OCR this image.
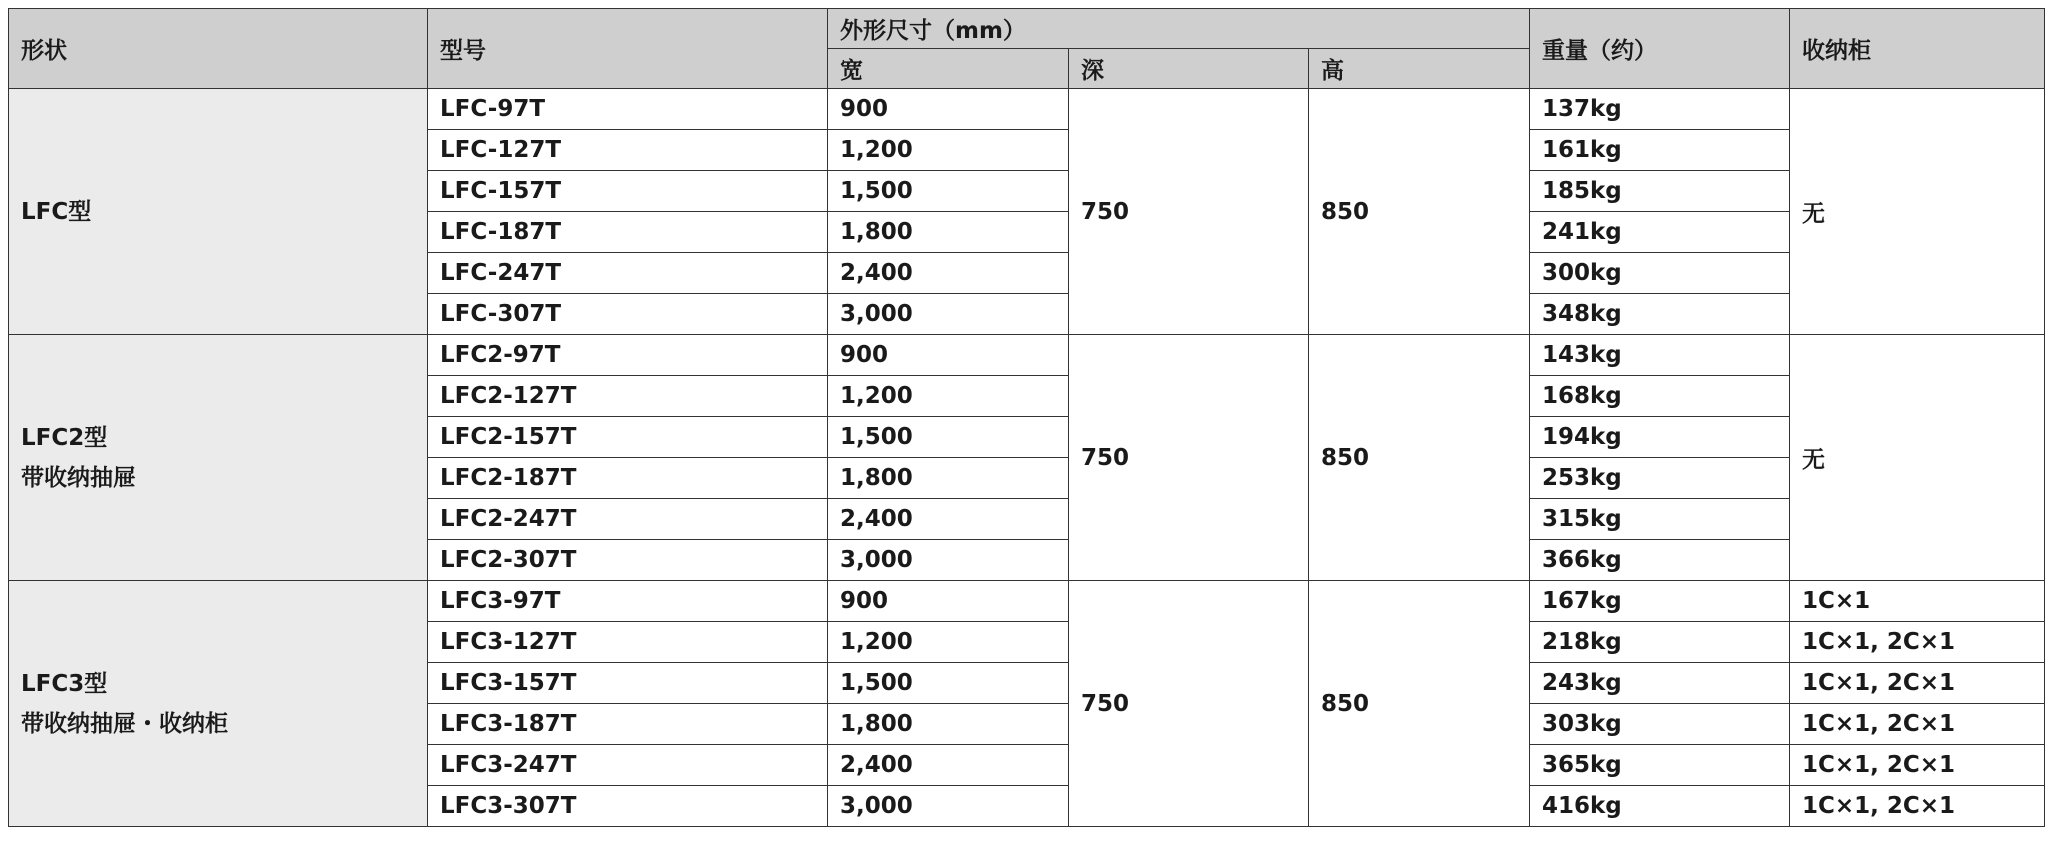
形状	型号	外形尺寸（mm）			重量（约）	收纳柜
		宽	深	高		

LFC型	LFC-97T	900	750	850	137kg	无
	LFC-127T	1,200			161kg	
	LFC-157T	1,500			185kg	
	LFC-187T	1,800			241kg	
	LFC-247T	2,400			300kg	
	LFC-307T	3,000			348kg	

LFC2型
带收纳抽屉	LFC2-97T	900	750	850	143kg	无
	LFC2-127T	1,200			168kg	
	LFC2-157T	1,500			194kg	
	LFC2-187T	1,800			253kg	
	LFC2-247T	2,400			315kg	
	LFC2-307T	3,000			366kg	

LFC3型
带收纳抽屉・收纳柜	LFC3-97T	900	750	850	167kg	1C×1
	LFC3-127T	1,200			218kg	1C×1, 2C×1
	LFC3-157T	1,500			243kg	1C×1, 2C×1
	LFC3-187T	1,800			303kg	1C×1, 2C×1
	LFC3-247T	2,400			365kg	1C×1, 2C×1
	LFC3-307T	3,000			416kg	1C×1, 2C×1
